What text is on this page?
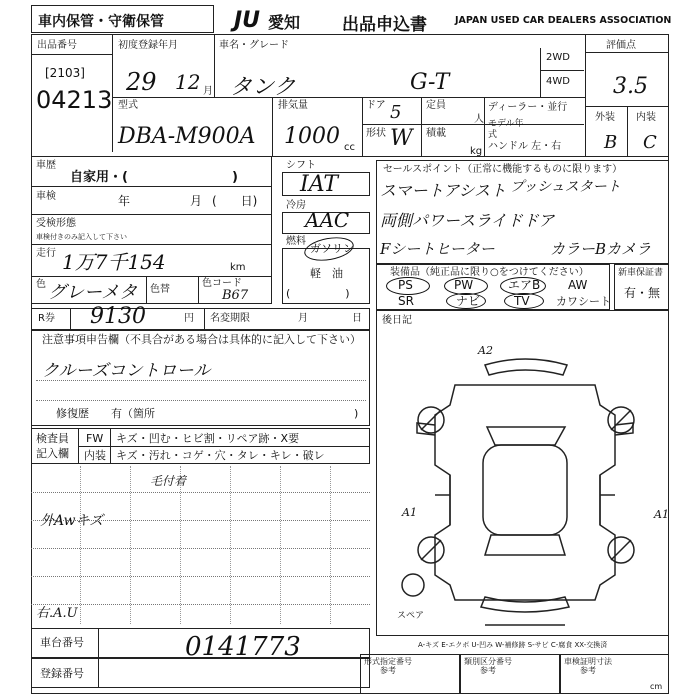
車内保管・守衛保管	JU 愛知 出品申込書	JAPAN USED CAR DEALERS ASSOCIATION
出品番号
[2103]
04213
初度登録年月
29 12 月
車名・グレード
タンク	G-T
2WD
4WD
評価点
3.5
外装 内装
B C
型式
DBA-M900A
排気量
1000 cc
ドア 5
形状 W
定員
人
積載
kg
ディーラー・並行
モデル年式
ハンドル 左・右
車歴
自家用・(　　　　　　　　)
車検	年	月 (　　日)
受検形態
車検付きのみ記入して下さい
走行 1万7千154	km
色 グレーメタ 色替
色コード
B67
シフト
IAT
冷房
AAC
燃料
ガソリン
軽　油
(　　　　　)
セールスポイント（正常に機能するものに限ります）
スマートアシスト プッシュスタート
両側パワースライドドア
Fシートヒーター	カラーBカメラ
装備品（純正品に限り○をつけてください）
PS	PW	エアB AW
SR	ナビ	TV カワシート
新車保証書
有・無
R券 9130	円 名変期限	月	日
注意事項申告欄（不具合がある場合は具体的に記入して下さい）
クルーズコントロール
修復歴　　有（箇所	)
検査員
記入欄
FW キズ・凹む・ヒビ割・リペア跡・X要
内装 キズ・汚れ・コゲ・穴・タレ・キレ・破レ
毛付着
外Awキズ
右.A.U
後日記
A2
A1	A1
スペア
A-キズ E-エクボ U-凹み W-補修跡 S-サビ C-腐食 XX-交換済
車台番号	0141773
登録番号
形式指定番号
参考
類別区分番号
参考
車検証明寸法
参考
cm
